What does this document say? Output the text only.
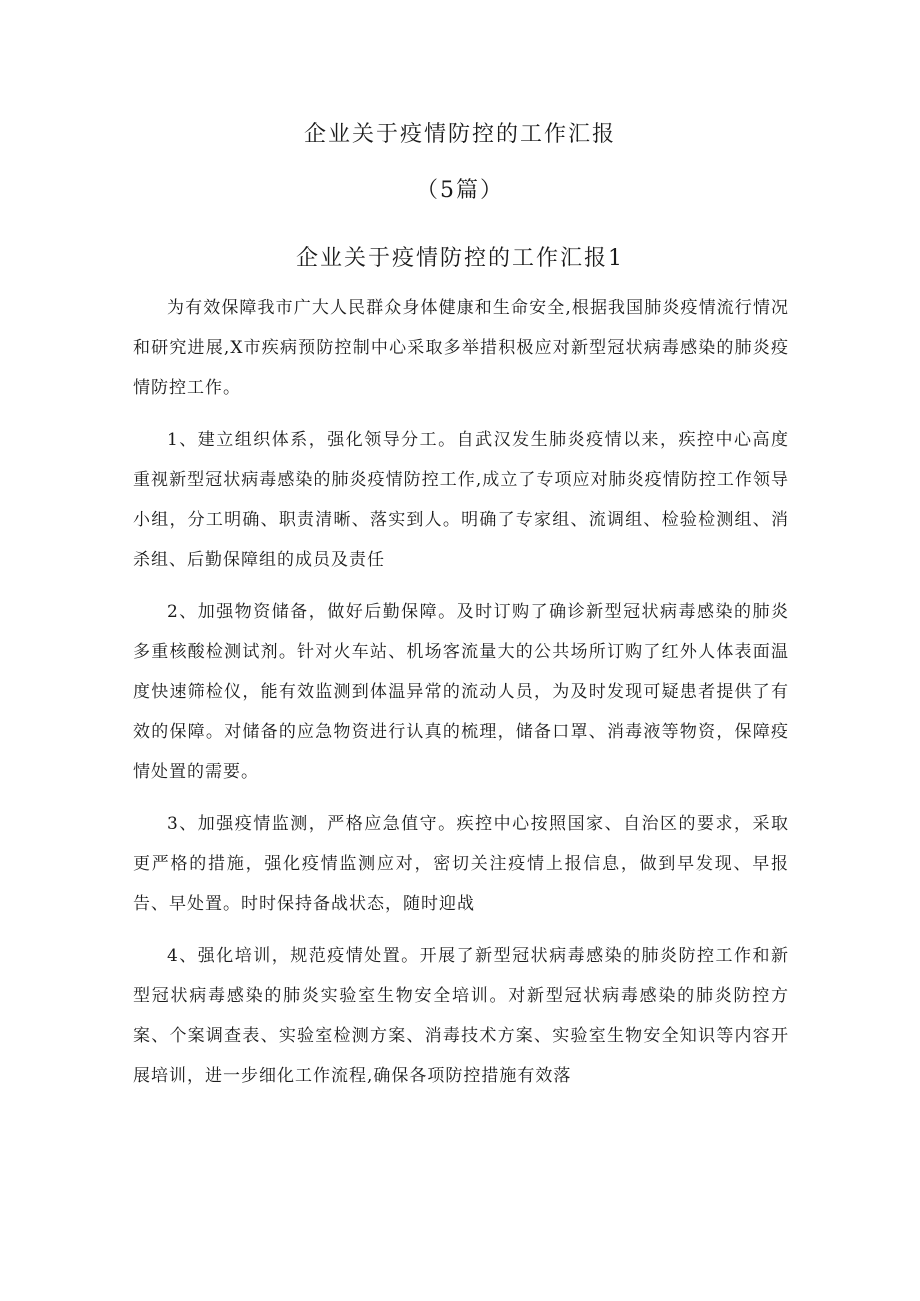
企业关于疫情防控的工作汇报
（5篇）
企业关于疫情防控的工作汇报1

为有效保障我市广大人民群众身体健康和生命安全,根据我国肺炎疫情流行情况和研究进展,X市疾病预防控制中心采取多举措积极应对新型冠状病毒感染的肺炎疫情防控工作。

1、建立组织体系，强化领导分工。自武汉发生肺炎疫情以来，疾控中心高度重视新型冠状病毒感染的肺炎疫情防控工作,成立了专项应对肺炎疫情防控工作领导小组，分工明确、职责清晰、落实到人。明确了专家组、流调组、检验检测组、消杀组、后勤保障组的成员及责任

2、加强物资储备，做好后勤保障。及时订购了确诊新型冠状病毒感染的肺炎多重核酸检测试剂。针对火车站、机场客流量大的公共场所订购了红外人体表面温度快速筛检仪，能有效监测到体温异常的流动人员，为及时发现可疑患者提供了有效的保障。对储备的应急物资进行认真的梳理，储备口罩、消毒液等物资，保障疫情处置的需要。

3、加强疫情监测，严格应急值守。疾控中心按照国家、自治区的要求，采取更严格的措施，强化疫情监测应对，密切关注疫情上报信息，做到早发现、早报告、早处置。时时保持备战状态，随时迎战

4、强化培训，规范疫情处置。开展了新型冠状病毒感染的肺炎防控工作和新型冠状病毒感染的肺炎实验室生物安全培训。对新型冠状病毒感染的肺炎防控方案、个案调查表、实验室检测方案、消毒技术方案、实验室生物安全知识等内容开展培训，进一步细化工作流程,确保各项防控措施有效落
